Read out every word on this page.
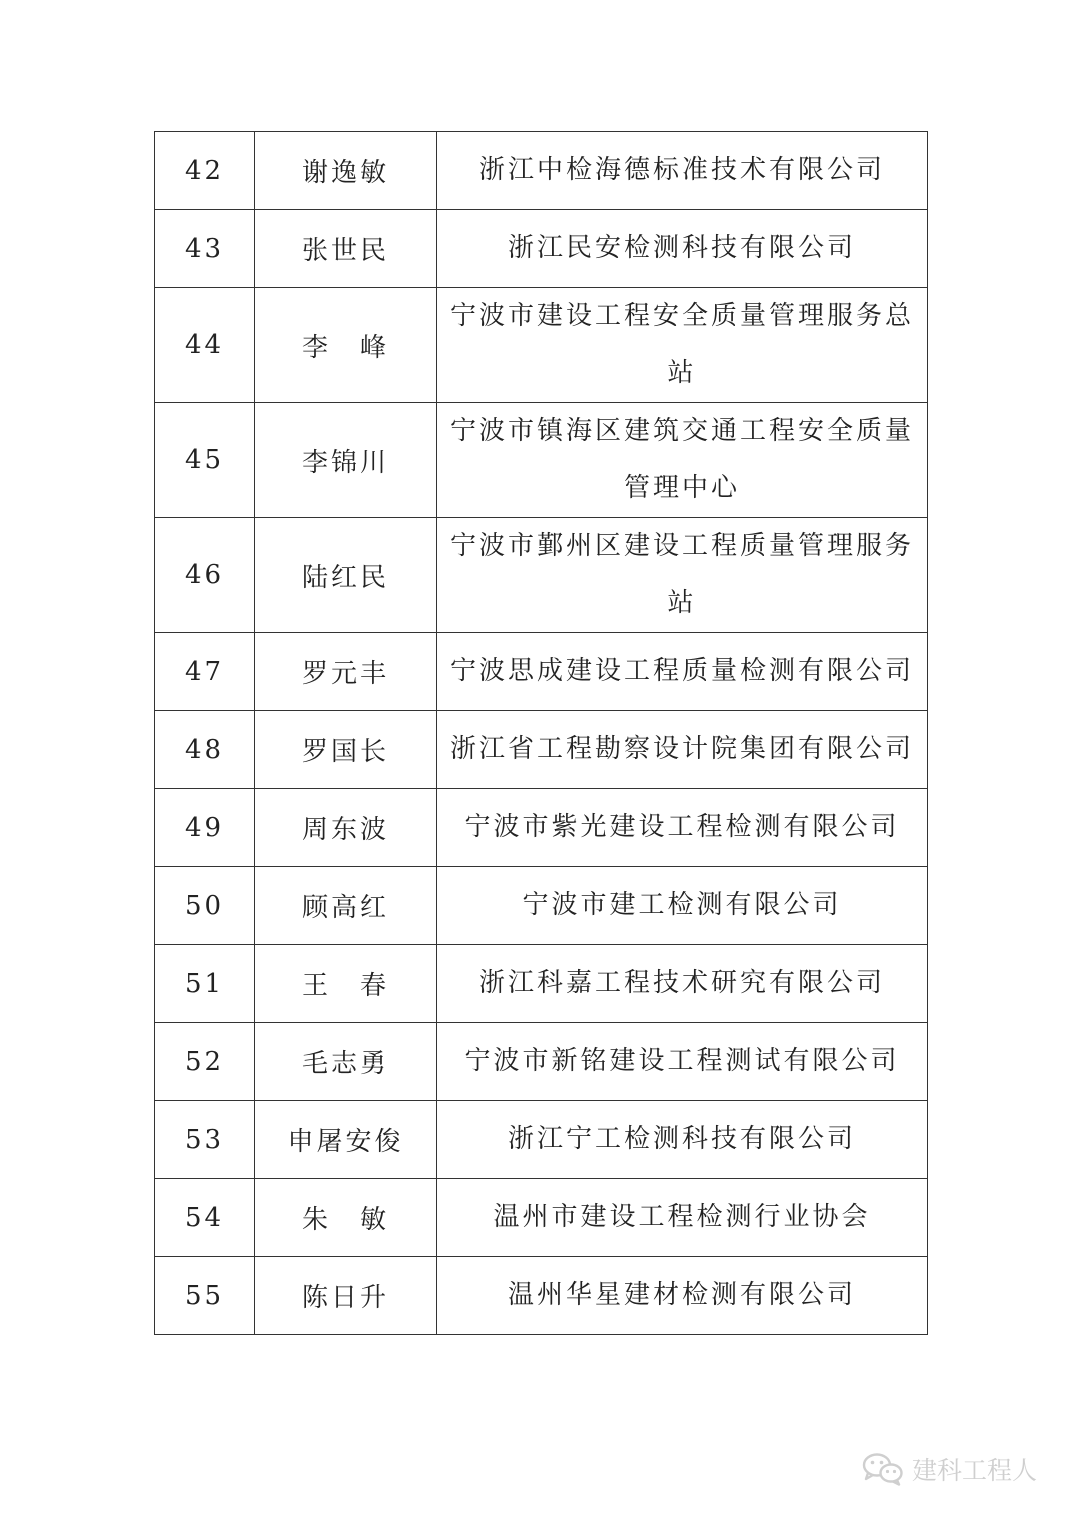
42	谢逸敏	浙江中检海德标准技术有限公司
43	张世民	浙江民安检测科技有限公司
44	李　峰	宁波市建设工程安全质量管理服务总站
45	李锦川	宁波市镇海区建筑交通工程安全质量管理中心
46	陆红民	宁波市鄞州区建设工程质量管理服务站
47	罗元丰	宁波思成建设工程质量检测有限公司
48	罗国长	浙江省工程勘察设计院集团有限公司
49	周东波	宁波市紫光建设工程检测有限公司
50	顾高红	宁波市建工检测有限公司
51	王　春	浙江科嘉工程技术研究有限公司
52	毛志勇	宁波市新铭建设工程测试有限公司
53	申屠安俊	浙江宁工检测科技有限公司
54	朱　敏	温州市建设工程检测行业协会
55	陈日升	温州华星建材检测有限公司
建科工程人
